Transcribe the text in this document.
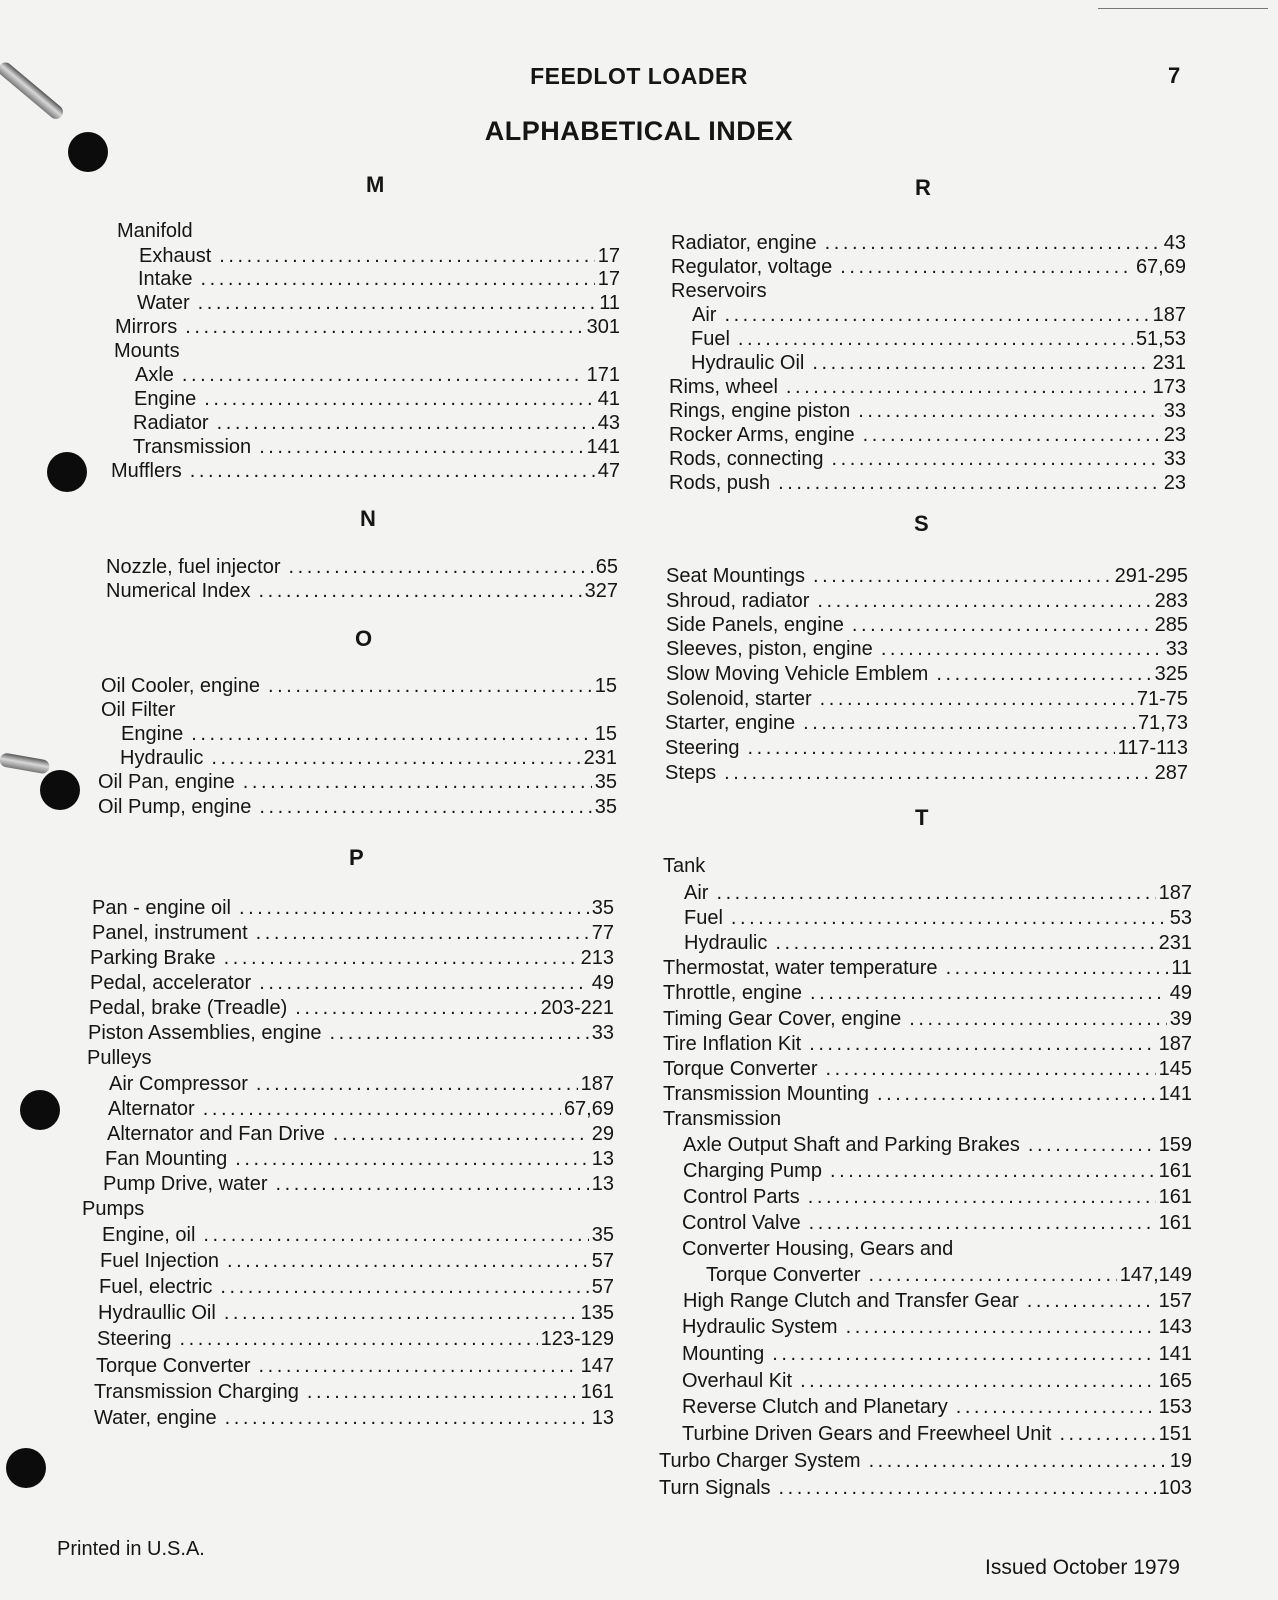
FEEDLOT LOADER	7
ALPHABETICAL INDEX
M
Manifold
Exhaust . . .	17
Intake . . .	17
Water . . .	11
Mirrors . . .	301
Mounts
Axle . . .	171
Engine . . .	41
Radiator . . .	43
Transmission . . .	141
Mufflers . . .	47
N
Nozzle, fuel injector . . .	65
Numerical Index . . .	327
O
Oil Cooler, engine . . .	15
Oil Filter
Engine . . .	15
Hydraulic . . .	231
Oil Pan, engine . . .	35
Oil Pump, engine . . .	35
P
Pan - engine oil . . .	35
Panel, instrument . . .	77
Parking Brake . . .	213
Pedal, accelerator . . .	49
Pedal, brake (Treadle) . . .	203-221
Piston Assemblies, engine . . .	33
Pulleys
Air Compressor . . .	187
Alternator . . .	67,69
Alternator and Fan Drive . . .	29
Fan Mounting . . .	13
Pump Drive, water . . .	13
Pumps
Engine, oil . . .	35
Fuel Injection . . .	57
Fuel, electric . . .	57
Hydraullic Oil . . .	135
Steering . . .	123-129
Torque Converter . . .	147
Transmission Charging . . .	161
Water, engine . . .	13
R
Radiator, engine . . .	43
Regulator, voltage . . .	67,69
Reservoirs
Air . . .	187
Fuel . . .	51,53
Hydraulic Oil . . .	231
Rims, wheel . . .	173
Rings, engine piston . . .	33
Rocker Arms, engine . . .	23
Rods, connecting . . .	33
Rods, push . . .	23
S
Seat Mountings . . .	291-295
Shroud, radiator . . .	283
Side Panels, engine . . .	285
Sleeves, piston, engine . . .	33
Slow Moving Vehicle Emblem . . .	325
Solenoid, starter . . .	71-75
Starter, engine . . .	71,73
Steering . . .	117-113
Steps . . .	287
T
Tank
Air . . .	187
Fuel . . .	53
Hydraulic . . .	231
Thermostat, water temperature . . .	11
Throttle, engine . . .	49
Timing Gear Cover, engine . . .	39
Tire Inflation Kit . . .	187
Torque Converter . . .	145
Transmission Mounting . . .	141
Transmission
Axle Output Shaft and Parking Brakes . . .	159
Charging Pump . . .	161
Control Parts . . .	161
Control Valve . . .	161
Converter Housing, Gears and
Torque Converter . . .	147,149
High Range Clutch and Transfer Gear . . .	157
Hydraulic System . . .	143
Mounting . . .	141
Overhaul Kit . . .	165
Reverse Clutch and Planetary . . .	153
Turbine Driven Gears and Freewheel Unit . . .	151
Turbo Charger System . . .	19
Turn Signals . . .	103
Printed in U.S.A.
Issued October 1979
